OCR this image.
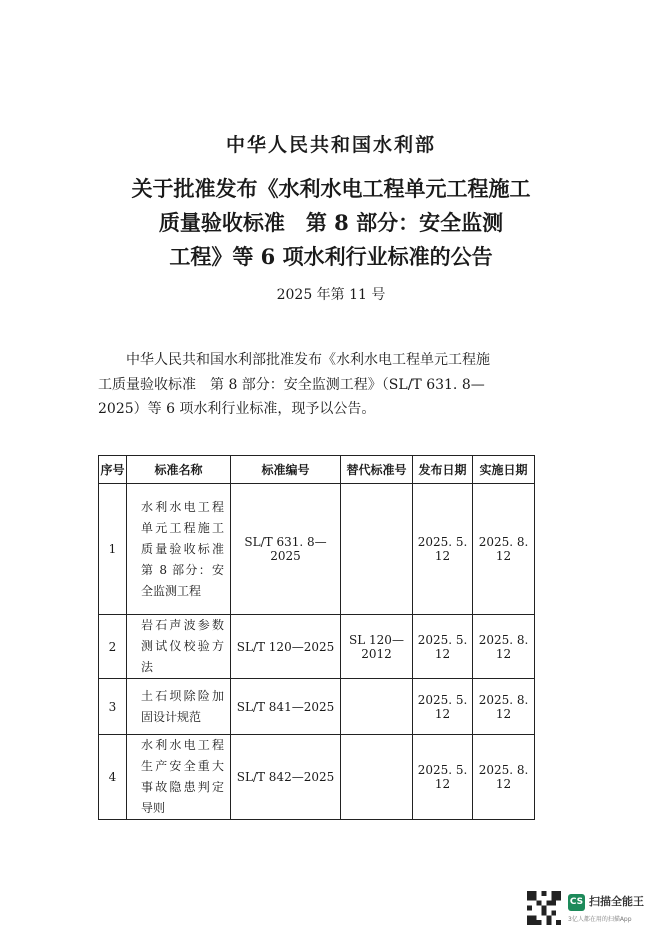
中华人民共和国水利部
关于批准发布《水利水电工程单元工程施工
质量验收标准　第 8 部分：安全监测
工程》等 6 项水利行业标准的公告
2025 年第 11 号
中华人民共和国水利部批准发布《水利水电工程单元工程施
工质量验收标准　第 8 部分：安全监测工程》（SL/T 631. 8—
2025）等 6 项水利行业标准，现予以公告。
序号	标准名称	标准编号	替代标准号	发布日期	实施日期
1	水利水电工程单元工程施工质量验收标准　第 8 部分：安全监测工程	SL/T 631. 8—2025		2025. 5. 12	2025. 8. 12
2	岩石声波参数测试仪校验方法	SL/T 120—2025	SL 120—2012	2025. 5. 12	2025. 8. 12
3	土石坝除险加固设计规范	SL/T 841—2025		2025. 5. 12	2025. 8. 12
4	水利水电工程生产安全重大事故隐患判定导则	SL/T 842—2025		2025. 5. 12	2025. 8. 12
CS 扫描全能王
3亿人都在用的扫描App
